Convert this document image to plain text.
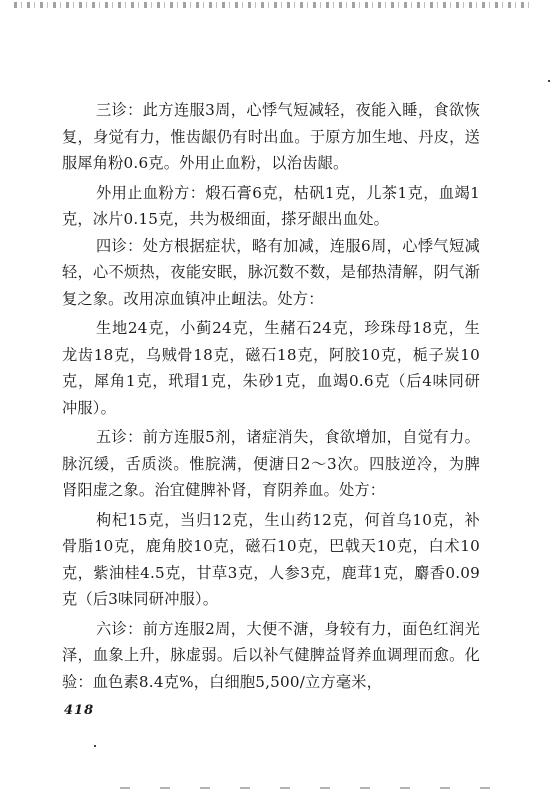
三诊：此方连服3周，心悸气短减轻，夜能入睡，食欲恢复，身觉有力，惟齿龈仍有时出血。于原方加生地、丹皮，送服犀角粉0.6克。外用止血粉，以治齿龈。

外用止血粉方：煅石膏6克，枯矾1克，儿茶1克，血竭1克，冰片0.15克，共为极细面，搽牙龈出血处。

四诊：处方根据症状，略有加减，连服6周，心悸气短减轻，心不烦热，夜能安眠，脉沉数不数，是郁热清解，阴气渐复之象。改用凉血镇冲止衄法。处方：

生地24克，小蓟24克，生赭石24克，珍珠母18克，生龙齿18克，乌贼骨18克，磁石18克，阿胶10克，栀子炭10克，犀角1克，玳瑁1克，朱砂1克，血竭0.6克（后4味同研冲服）。

五诊：前方连服5剂，诸症消失，食欲增加，自觉有力。脉沉缓，舌质淡。惟脘满，便溏日2～3次。四肢逆冷，为脾肾阳虚之象。治宜健脾补肾，育阴养血。处方：

枸杞15克，当归12克，生山药12克，何首乌10克，补骨脂10克，鹿角胶10克，磁石10克，巴戟天10克，白术10克，紫油桂4.5克，甘草3克，人参3克，鹿茸1克，麝香0.09克（后3味同研冲服）。

六诊：前方连服2周，大便不溏，身较有力，面色红润光泽，血象上升，脉虚弱。后以补气健脾益肾养血调理而愈。化验：血色素8.4克%，白细胞5,500/立方毫米，

418
